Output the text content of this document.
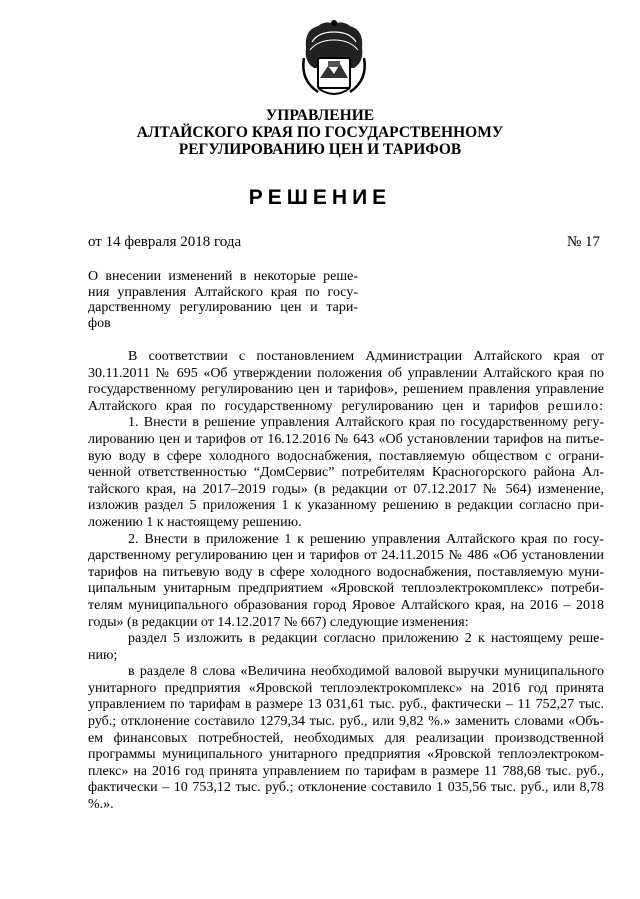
УПРАВЛЕНИЕ
АЛТАЙСКОГО КРАЯ ПО ГОСУДАРСТВЕННОМУ
РЕГУЛИРОВАНИЮ ЦЕН И ТАРИФОВ
РЕШЕНИЕ
от 14 февраля 2018 года	№ 17
О внесении изменений в некоторые реше-
ния управления Алтайского края по госу-
дарственному регулированию цен и тари-
фов
В соответствии с постановлением Администрации Алтайского края от
30.11.2011 № 695 «Об утверждении положения об управлении Алтайского края по
государственному регулированию цен и тарифов», решением правления управление
Алтайского края по государственному регулированию цен и тарифов решило:
1. Внести в решение управления Алтайского края по государственному регу-
лированию цен и тарифов от 16.12.2016 № 643 «Об установлении тарифов на питье-
вую воду в сфере холодного водоснабжения, поставляемую обществом с ограни-
ченной ответственностью “ДомСервис” потребителям Красногорского района Ал-
тайского края, на 2017–2019 годы» (в редакции от 07.12.2017 № 564) изменение,
изложив раздел 5 приложения 1 к указанному решению в редакции согласно при-
ложению 1 к настоящему решению.
2. Внести в приложение 1 к решению управления Алтайского края по госу-
дарственному регулированию цен и тарифов от 24.11.2015 № 486 «Об установлении
тарифов на питьевую воду в сфере холодного водоснабжения, поставляемую муни-
ципальным унитарным предприятием «Яровской теплоэлектрокомплекс» потреби-
телям муниципального образования город Яровое Алтайского края, на 2016 – 2018
годы» (в редакции от 14.12.2017 № 667) следующие изменения:
раздел 5 изложить в редакции согласно приложению 2 к настоящему реше-
нию;
в разделе 8 слова «Величина необходимой валовой выручки муниципального
унитарного предприятия «Яровской теплоэлектрокомплекс» на 2016 год принята
управлением по тарифам в размере 13 031,61 тыс. руб., фактически – 11 752,27 тыс.
руб.; отклонение составило 1279,34 тыс. руб., или 9,82 %.» заменить словами «Объ-
ем финансовых потребностей, необходимых для реализации производственной
программы муниципального унитарного предприятия «Яровской теплоэлектроком-
плекс» на 2016 год принята управлением по тарифам в размере 11 788,68 тыс. руб.,
фактически – 10 753,12 тыс. руб.; отклонение составило 1 035,56 тыс. руб., или 8,78
%.».
